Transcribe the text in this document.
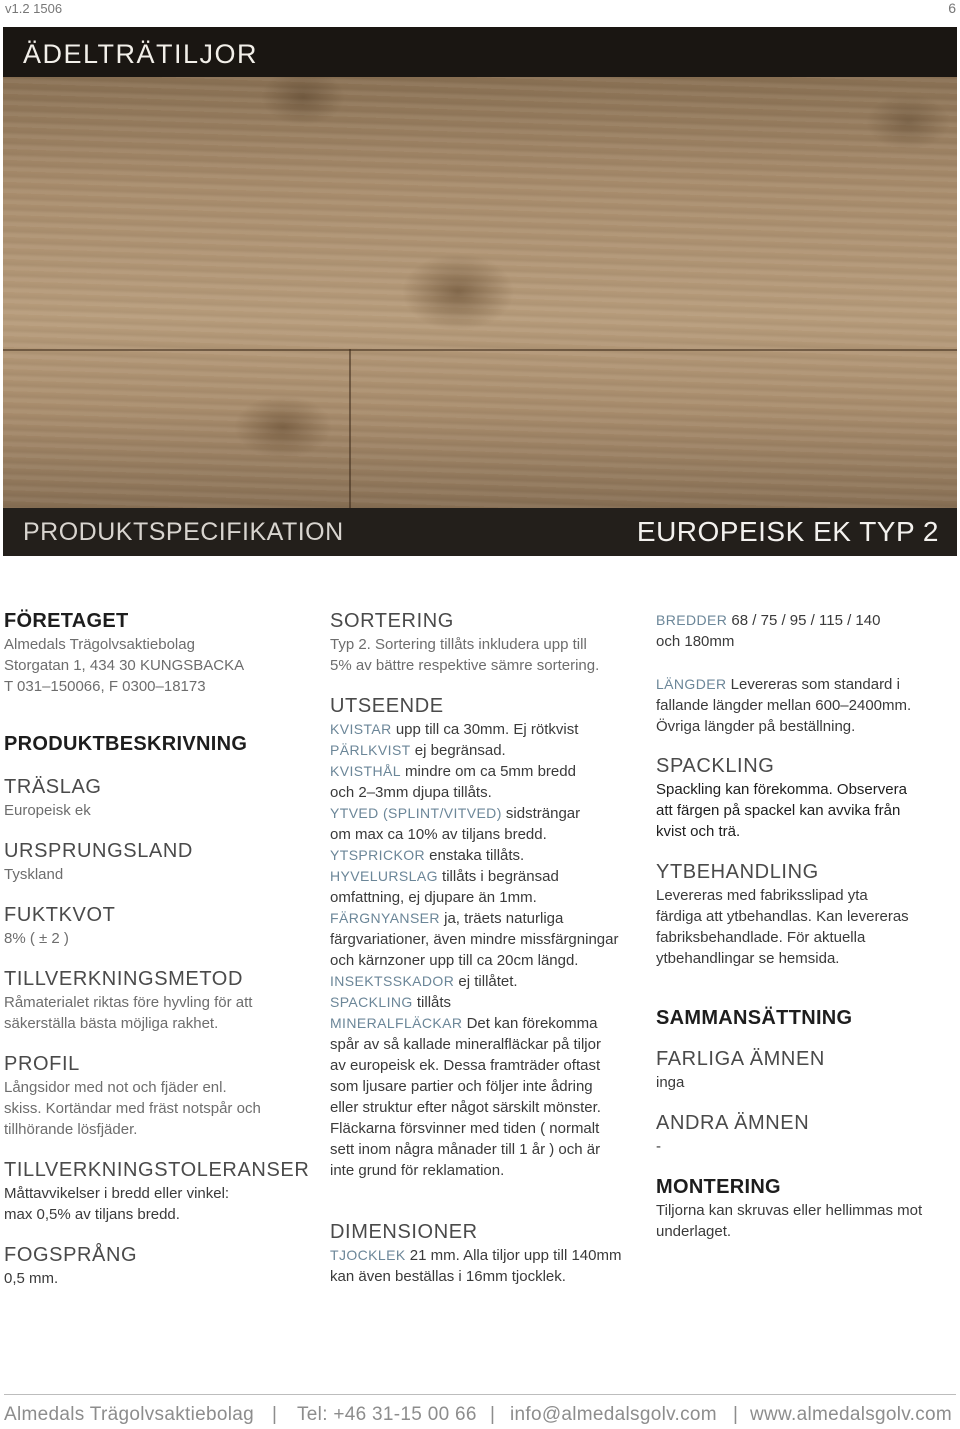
v1.2 1506	6
ÄDELTRÄTILJOR
PRODUKTSPECIFIKATION	EUROPEISK EK TYP 2
FÖRETAGET

Almedals Trägolvsaktiebolag
Storgatan 1, 434 30 KUNGSBACKA
T 031–150066, F 0300–18173

PRODUKTBESKRIVNING
TRÄSLAG

Europeisk ek

URSPRUNGSLAND

Tyskland

FUKTKVOT

8% ( ± 2 )

TILLVERKNINGSMETOD

Råmaterialet riktas före hyvling för att
säkerställa bästa möjliga rakhet.

PROFIL

Långsidor med not och fjäder enl.
skiss. Kortändar med fräst notspår och
tillhörande lösfjäder.

TILLVERKNINGSTOLERANSER

Måttavvikelser i bredd eller vinkel:
max 0,5% av tiljans bredd.

FOGSPRÅNG

0,5 mm.

SORTERING

Typ 2. Sortering tillåts inkludera upp till
5% av bättre respektive sämre sortering.

UTSEENDE

KVISTAR upp till ca 30mm. Ej rötkvist
PÄRLKVIST ej begränsad.
KVISTHÅL mindre om ca 5mm bredd
och 2–3mm djupa tillåts.
YTVED (SPLINT/VITVED) sidsträngar
om max ca 10% av tiljans bredd.
YTSPRICKOR enstaka tillåts.
HYVELURSLAG tillåts i begränsad
omfattning, ej djupare än 1mm.
FÄRGNYANSER ja, träets naturliga
färgvariationer, även mindre missfärgningar
och kärnzoner upp till ca 20cm längd.
INSEKTSSKADOR ej tillåtet.
SPACKLING tillåts
MINERALFLÄCKAR Det kan förekomma
spår av så kallade mineralfläckar på tiljor
av europeisk ek. Dessa framträder oftast
som ljusare partier och följer inte ådring
eller struktur efter något särskilt mönster.
Fläckarna försvinner med tiden ( normalt
sett inom några månader till 1 år ) och är
inte grund för reklamation.

DIMENSIONER

TJOCKLEK 21 mm. Alla tiljor upp till 140mm
kan även beställas i 16mm tjocklek.

BREDDER 68 / 75 / 95 / 115 / 140
och 180mm

LÄNGDER Levereras som standard i
fallande längder mellan 600–2400mm.
Övriga längder på beställning.

SPACKLING

Spackling kan förekomma. Observera
att färgen på spackel kan avvika från
kvist och trä.

YTBEHANDLING

Levereras med fabriksslipad yta
färdiga att ytbehandlas. Kan levereras
fabriksbehandlade. För aktuella
ytbehandlingar se hemsida.

SAMMANSÄTTNING
FARLIGA ÄMNEN

inga

ANDRA ÄMNEN

-

MONTERING

Tiljorna kan skruvas eller hellimmas mot
underlaget.

Almedals Trägolvsaktiebolag | Tel: +46 31-15 00 66 | info@almedalsgolv.com | www.almedalsgolv.com
